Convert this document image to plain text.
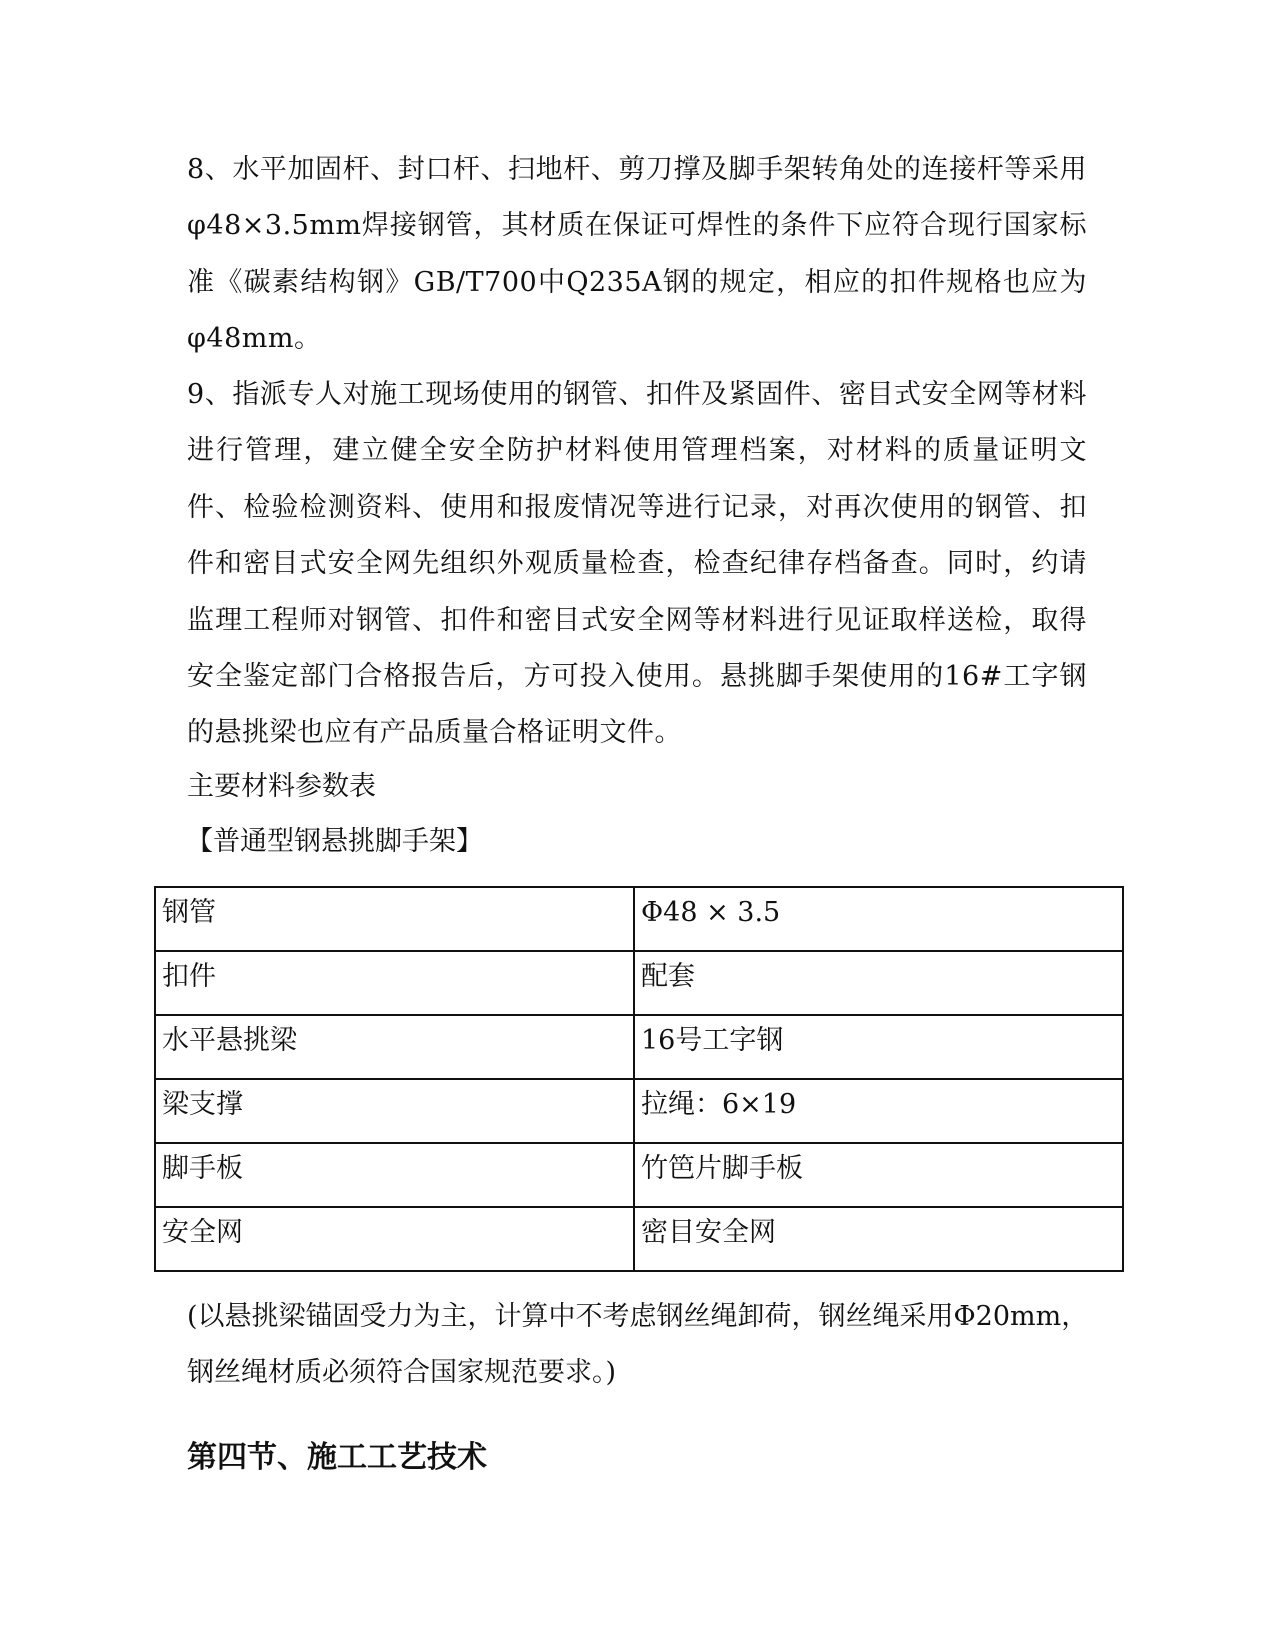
8、水平加固杆、封口杆、扫地杆、剪刀撑及脚手架转角处的连接杆等采用φ48×3.5mm焊接钢管，其材质在保证可焊性的条件下应符合现行国家标准《碳素结构钢》GB/T700中Q235A钢的规定，相应的扣件规格也应为φ48mm。

9、指派专人对施工现场使用的钢管、扣件及紧固件、密目式安全网等材料进行管理，建立健全安全防护材料使用管理档案，对材料的质量证明文件、检验检测资料、使用和报废情况等进行记录，对再次使用的钢管、扣件和密目式安全网先组织外观质量检查，检查纪律存档备查。同时，约请监理工程师对钢管、扣件和密目式安全网等材料进行见证取样送检，取得安全鉴定部门合格报告后，方可投入使用。悬挑脚手架使用的16#工字钢的悬挑梁也应有产品质量合格证明文件。

主要材料参数表

【普通型钢悬挑脚手架】

钢管	Φ48 × 3.5
扣件	配套
水平悬挑梁	16号工字钢
梁支撑	拉绳：6×19
脚手板	竹笆片脚手板
安全网	密目安全网

(以悬挑梁锚固受力为主，计算中不考虑钢丝绳卸荷，钢丝绳采用Φ20mm，钢丝绳材质必须符合国家规范要求。)

第四节、施工工艺技术
